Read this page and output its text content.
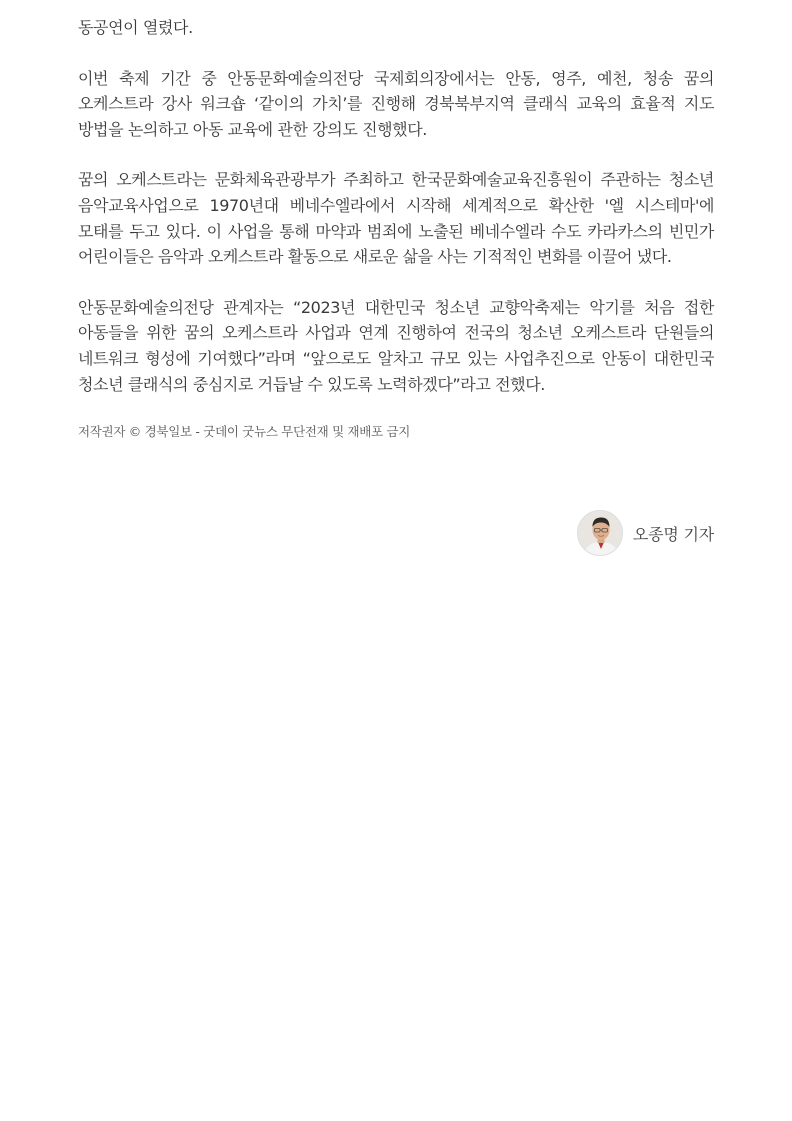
동공연이 열렸다.

이번 축제 기간 중 안동문화예술의전당 국제회의장에서는 안동, 영주, 예천, 청송 꿈의 오케스트라 강사 워크숍 ‘같이의 가치’를 진행해 경북북부지역 클래식 교육의 효율적 지도 방법을 논의하고 아동 교육에 관한 강의도 진행했다.

꿈의 오케스트라는 문화체육관광부가 주최하고 한국문화예술교육진흥원이 주관하는 청소년 음악교육사업으로 1970년대 베네수엘라에서 시작해 세계적으로 확산한 '엘 시스테마'에 모태를 두고 있다. 이 사업을 통해 마약과 범죄에 노출된 베네수엘라 수도 카라카스의 빈민가 어린이들은 음악과 오케스트라 활동으로 새로운 삶을 사는 기적적인 변화를 이끌어 냈다.

안동문화예술의전당 관계자는 “2023년 대한민국 청소년 교향악축제는 악기를 처음 접한 아동들을 위한 꿈의 오케스트라 사업과 연계 진행하여 전국의 청소년 오케스트라 단원들의 네트워크 형성에 기여했다”라며 “앞으로도 알차고 규모 있는 사업추진으로 안동이 대한민국 청소년 클래식의 중심지로 거듭날 수 있도록 노력하겠다”라고 전했다.

저작권자 © 경북일보 - 굿데이 굿뉴스 무단전재 및 재배포 금지
오종명 기자
